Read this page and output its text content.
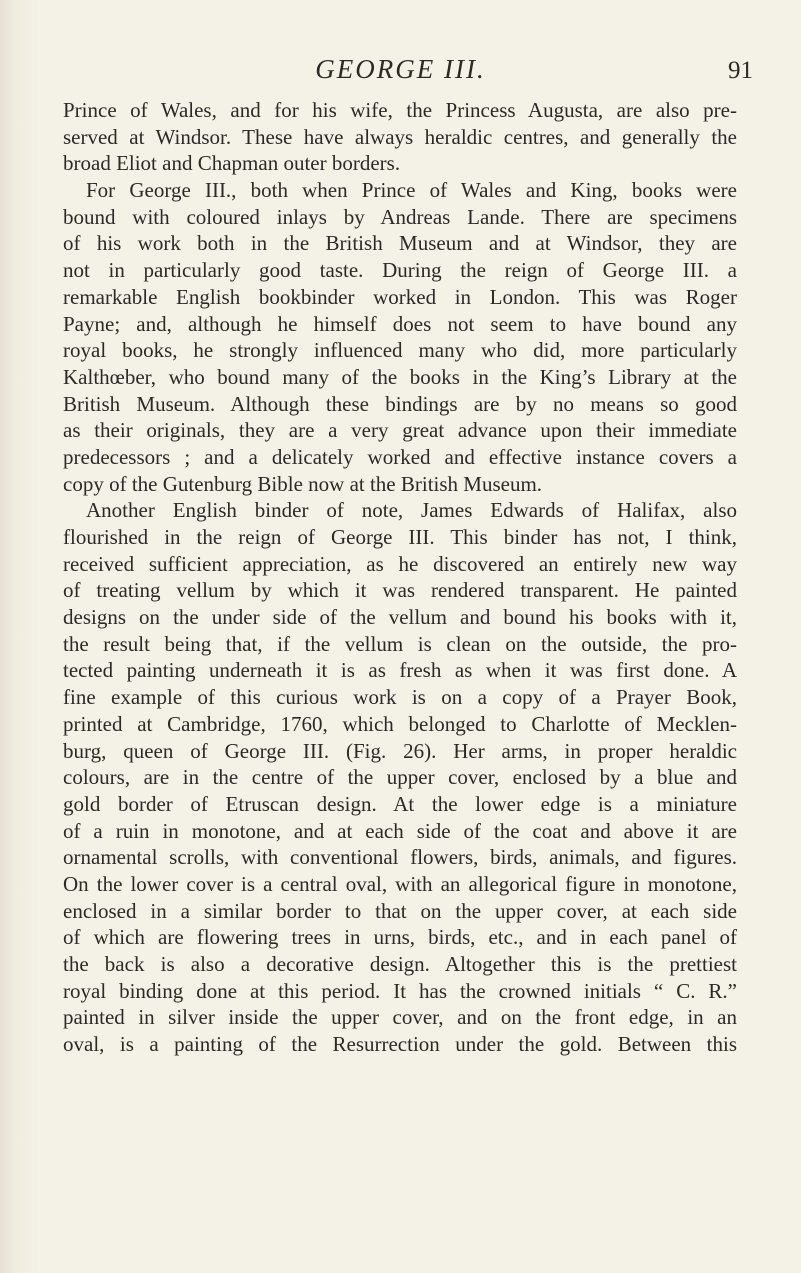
GEORGE III.	91
Prince of Wales, and for his wife, the Princess Augusta, are also pre-
served at Windsor. These have always heraldic centres, and generally the
broad Eliot and Chapman outer borders.
For George III., both when Prince of Wales and King, books were
bound with coloured inlays by Andreas Lande. There are specimens
of his work both in the British Museum and at Windsor, they are
not in particularly good taste. During the reign of George III. a
remarkable English bookbinder worked in London. This was Roger
Payne; and, although he himself does not seem to have bound any
royal books, he strongly influenced many who did, more particularly
Kalthœber, who bound many of the books in the King’s Library at the
British Museum. Although these bindings are by no means so good
as their originals, they are a very great advance upon their immediate
predecessors ; and a delicately worked and effective instance covers a
copy of the Gutenburg Bible now at the British Museum.
Another English binder of note, James Edwards of Halifax, also
flourished in the reign of George III. This binder has not, I think,
received sufficient appreciation, as he discovered an entirely new way
of treating vellum by which it was rendered transparent. He painted
designs on the under side of the vellum and bound his books with it,
the result being that, if the vellum is clean on the outside, the pro-
tected painting underneath it is as fresh as when it was first done. A
fine example of this curious work is on a copy of a Prayer Book,
printed at Cambridge, 1760, which belonged to Charlotte of Mecklen-
burg, queen of George III. (Fig. 26). Her arms, in proper heraldic
colours, are in the centre of the upper cover, enclosed by a blue and
gold border of Etruscan design. At the lower edge is a miniature
of a ruin in monotone, and at each side of the coat and above it are
ornamental scrolls, with conventional flowers, birds, animals, and figures.
On the lower cover is a central oval, with an allegorical figure in monotone,
enclosed in a similar border to that on the upper cover, at each side
of which are flowering trees in urns, birds, etc., and in each panel of
the back is also a decorative design. Altogether this is the prettiest
royal binding done at this period. It has the crowned initials “ C. R.”
painted in silver inside the upper cover, and on the front edge, in an
oval, is a painting of the Resurrection under the gold. Between this
